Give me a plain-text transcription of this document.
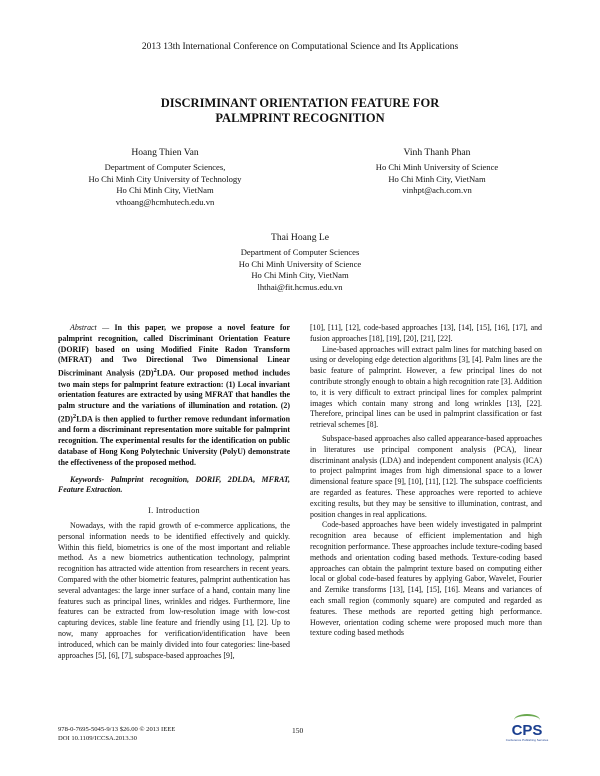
2013 13th International Conference on Computational Science and Its Applications
DISCRIMINANT ORIENTATION FEATURE FOR
PALMPRINT RECOGNITION
Hoang Thien Van
Department of Computer Sciences,
Ho Chi Minh City University of Technology
Ho Chi Minh City, VietNam
vthoang@hcmhutech.edu.vn
Vinh Thanh Phan
Ho Chi Minh University of Science
Ho Chi Minh City, VietNam
vinhpt@ach.com.vn
Thai Hoang Le
Department of Computer Sciences
Ho Chi Minh University of Science
Ho Chi Minh City, VietNam
lhthai@fit.hcmus.edu.vn

Abstract — In this paper, we propose a novel feature for palmprint recognition, called Discriminant Orientation Feature (DORIF) based on using Modified Finite Radon Transform (MFRAT) and Two Directional Two Dimensional Linear Discriminant Analysis $(2D)^2LDA$. Our proposed method includes two main steps for palmprint feature extraction: (1) Local invariant orientation features are extracted by using MFRAT that handles the palm structure and the variations of illumination and rotation. (2) $(2D)^2LDA$ is then applied to further remove redundant information and form a discriminant representation more suitable for palmprint recognition. The experimental results for the identification on public database of Hong Kong Polytechnic University (PolyU) demonstrate the effectiveness of the proposed method.

Keywords- Palmprint recognition, DORIF, 2DLDA, MFRAT, Feature Extraction.

I. Introduction

Nowadays, with the rapid growth of e-commerce applications, the personal information needs to be identified effectively and quickly. Within this field, biometrics is one of the most important and reliable method. As a new biometrics authentication technology, palmprint recognition has attracted wide attention from researchers in recent years. Compared with the other biometric features, palmprint authentication has several advantages: the large inner surface of a hand, contain many line features such as principal lines, wrinkles and ridges. Furthermore, line features can be extracted from low-resolution image with low-cost capturing devices, stable line feature and friendly using [1], [2]. Up to now, many approaches for verification/identification have been introduced, which can be mainly divided into four categories: line-based approaches [5], [6], [7], subspace-based approaches [9],

[10], [11], [12], code-based approaches [13], [14], [15], [16], [17], and fusion approaches [18], [19], [20], [21], [22].

Line-based approaches will extract palm lines for matching based on using or developing edge detection algorithms [3], [4]. Palm lines are the basic feature of palmprint. However, a few principal lines do not contribute strongly enough to obtain a high recognition rate [3]. Addition to, it is very difficult to extract principal lines for complex palmprint images which contain many strong and long wrinkles [13], [22]. Therefore, principal lines can be used in palmprint classification or fast retrieval schemes [8].

Subspace-based approaches also called appearance-based approaches in literatures use principal component analysis (PCA), linear discriminant analysis (LDA) and independent component analysis (ICA) to project palmprint images from high dimensional space to a lower dimensional feature space [9], [10], [11], [12]. The subspace coefficients are regarded as features. These approaches were reported to achieve exciting results, but they may be sensitive to illumination, contrast, and position changes in real applications.

Code-based approaches have been widely investigated in palmprint recognition area because of efficient implementation and high recognition performance. These approaches include texture-coding based methods and orientation coding based methods. Texture-coding based approaches can obtain the palmprint texture based on computing either local or global code-based features by applying Gabor, Wavelet, Fourier and Zernike transforms [13], [14], [15], [16]. Means and variances of each small region (commonly square) are computed and regarded as features. These methods are reported getting high performance. However, orientation coding scheme were proposed much more than texture coding based methods

978-0-7695-5045-9/13 $26.00 © 2013 IEEE
DOI 10.1109/ICCSA.2013.30
150	CPS
Conference Publishing Services
